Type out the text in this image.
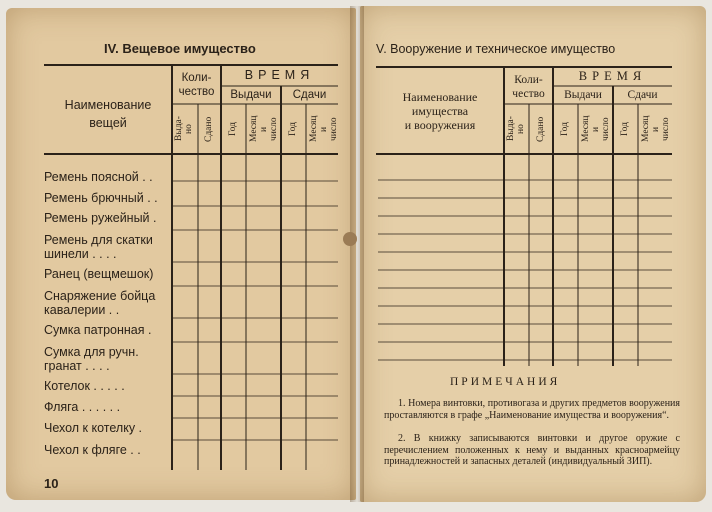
IV. Вещевое имущество
Наименование
вещей
Коли-
чество
ВРЕМЯ
Выдачи	Сдачи
Выда-
но Сдано Год Месяц
и
число Год Месяц
и
число
Ремень поясной . .
Ремень брючный . .
Ремень ружейный .
Ремень для скатки
шинели . . . .
Ранец (вещмешок)
Снаряжение бойца
кавалерии . .
Сумка патронная .
Сумка для ручн.
гранат . . . .
Котелок . . . . .
Фляга . . . . . .
Чехол к котелку .
Чехол к фляге . .
10
V. Вооружение и техническое имущество
Наименование
имущества
и вооружения
Коли-
чество
ВРЕМЯ
Выдачи	Сдачи
Выда-
но Сдано Год Месяц
и
число Год Месяц
и
число
ПРИМЕЧАНИЯ
1. Номера винтовки, противогаза и других предметов вооружения проставляются в графе „Наименование имущества и вооружения“.
2. В книжку записываются винтовки и другое оружие с перечислением положенных к нему и выданных красноармейцу принадлежностей и запасных деталей (индивидуальный ЗИП).
